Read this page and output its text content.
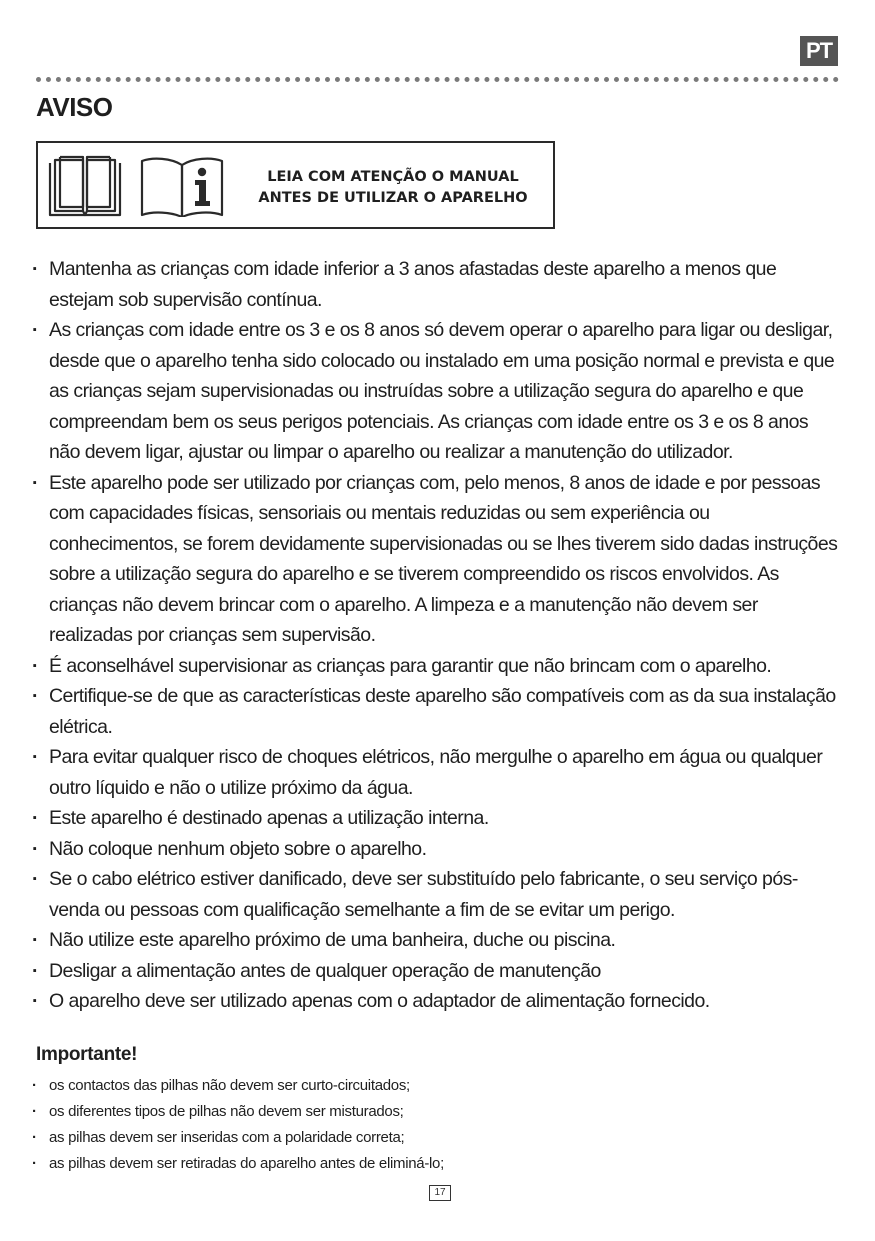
PT
AVISO
LEIA COM ATENÇÃO O MANUAL
ANTES DE UTILIZAR O APARELHO
· Mantenha as crianças com idade inferior a 3 anos afastadas deste aparelho a menos que estejam sob supervisão contínua.
· As crianças com idade entre os 3 e os 8 anos só devem operar o aparelho para ligar ou desligar, desde que o aparelho tenha sido colocado ou instalado em uma posição normal e prevista e que as crianças sejam supervisionadas ou instruídas sobre a utilização segura do aparelho e que compreendam bem os seus perigos potenciais. As crianças com idade entre os 3 e os 8 anos não devem ligar, ajustar ou limpar o aparelho ou realizar a manutenção do utilizador.
· Este aparelho pode ser utilizado por crianças com, pelo menos, 8 anos de idade e por pessoas com capacidades físicas, sensoriais ou mentais reduzidas ou sem experiência ou conhecimentos, se forem devidamente supervisionadas ou se lhes tiverem sido dadas instruções sobre a utilização segura do aparelho e se tiverem compreendido os riscos envolvidos. As crianças não devem brincar com o aparelho. A limpeza e a manutenção não devem ser realizadas por crianças sem supervisão.
· É aconselhável supervisionar as crianças para garantir que não brincam com o aparelho.
· Certifique-se de que as características deste aparelho são compatíveis com as da sua instalação elétrica.
· Para evitar qualquer risco de choques elétricos, não mergulhe o aparelho em água ou qualquer outro líquido e não o utilize próximo da água.
· Este aparelho é destinado apenas a utilização interna.
· Não coloque nenhum objeto sobre o aparelho.
· Se o cabo elétrico estiver danificado, deve ser substituído pelo fabricante, o seu serviço pós-venda ou pessoas com qualificação semelhante a fim de se evitar um perigo.
· Não utilize este aparelho próximo de uma banheira, duche ou piscina.
· Desligar a alimentação antes de qualquer operação de manutenção
· O aparelho deve ser utilizado apenas com o adaptador de alimentação fornecido.
Importante!
· os contactos das pilhas não devem ser curto-circuitados;
· os diferentes tipos de pilhas não devem ser misturados;
· as pilhas devem ser inseridas com a polaridade correta;
· as pilhas devem ser retiradas do aparelho antes de eliminá-lo;
17
